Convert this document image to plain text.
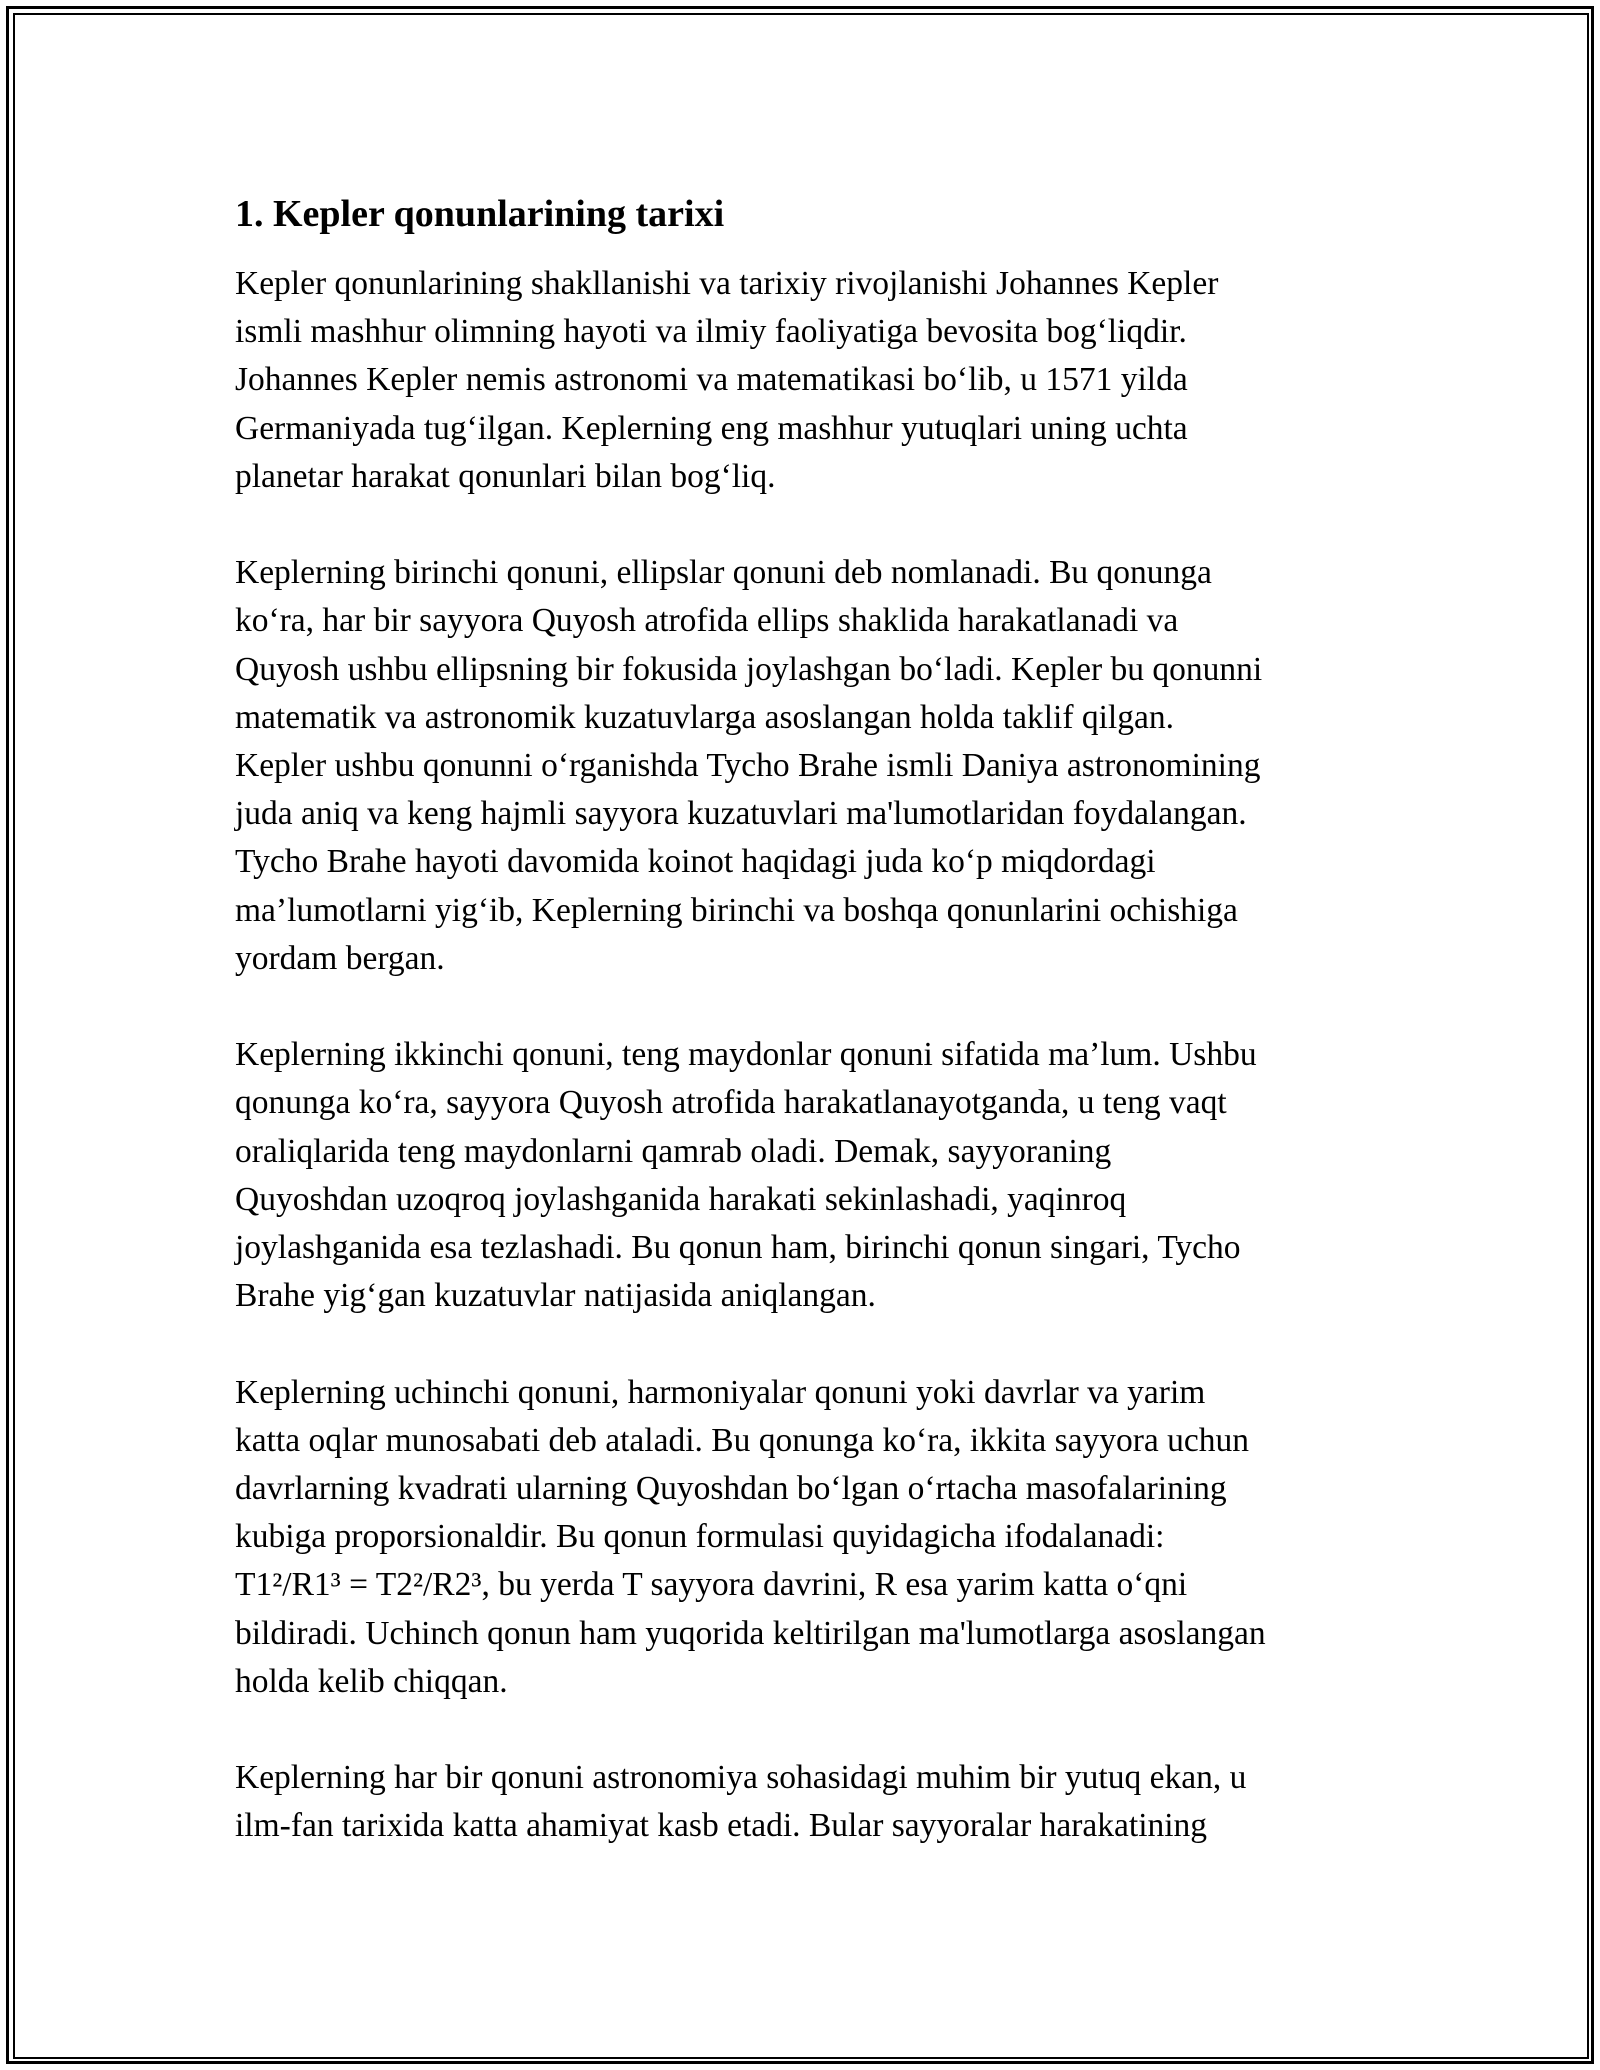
1. Kepler qonunlarining tarixi

Kepler qonunlarining shakllanishi va tarixiy rivojlanishi Johannes Kepler
ismli mashhur olimning hayoti va ilmiy faoliyatiga bevosita bog‘liqdir.
Johannes Kepler nemis astronomi va matematikasi bo‘lib, u 1571 yilda
Germaniyada tug‘ilgan. Keplerning eng mashhur yutuqlari uning uchta
planetar harakat qonunlari bilan bog‘liq.

Keplerning birinchi qonuni, ellipslar qonuni deb nomlanadi. Bu qonunga
ko‘ra, har bir sayyora Quyosh atrofida ellips shaklida harakatlanadi va
Quyosh ushbu ellipsning bir fokusida joylashgan bo‘ladi. Kepler bu qonunni
matematik va astronomik kuzatuvlarga asoslangan holda taklif qilgan.
Kepler ushbu qonunni o‘rganishda Tycho Brahe ismli Daniya astronomining
juda aniq va keng hajmli sayyora kuzatuvlari ma'lumotlaridan foydalangan.
Tycho Brahe hayoti davomida koinot haqidagi juda ko‘p miqdordagi
ma’lumotlarni yig‘ib, Keplerning birinchi va boshqa qonunlarini ochishiga
yordam bergan.

Keplerning ikkinchi qonuni, teng maydonlar qonuni sifatida ma’lum. Ushbu
qonunga ko‘ra, sayyora Quyosh atrofida harakatlanayotganda, u teng vaqt
oraliqlarida teng maydonlarni qamrab oladi. Demak, sayyoraning
Quyoshdan uzoqroq joylashganida harakati sekinlashadi, yaqinroq
joylashganida esa tezlashadi. Bu qonun ham, birinchi qonun singari, Tycho
Brahe yig‘gan kuzatuvlar natijasida aniqlangan.

Keplerning uchinchi qonuni, harmoniyalar qonuni yoki davrlar va yarim
katta oqlar munosabati deb ataladi. Bu qonunga ko‘ra, ikkita sayyora uchun
davrlarning kvadrati ularning Quyoshdan bo‘lgan o‘rtacha masofalarining
kubiga proporsionaldir. Bu qonun formulasi quyidagicha ifodalanadi:
T1²/R1³ = T2²/R2³, bu yerda T sayyora davrini, R esa yarim katta o‘qni
bildiradi. Uchinch qonun ham yuqorida keltirilgan ma'lumotlarga asoslangan
holda kelib chiqqan.

Keplerning har bir qonuni astronomiya sohasidagi muhim bir yutuq ekan, u
ilm-fan tarixida katta ahamiyat kasb etadi. Bular sayyoralar harakatining
